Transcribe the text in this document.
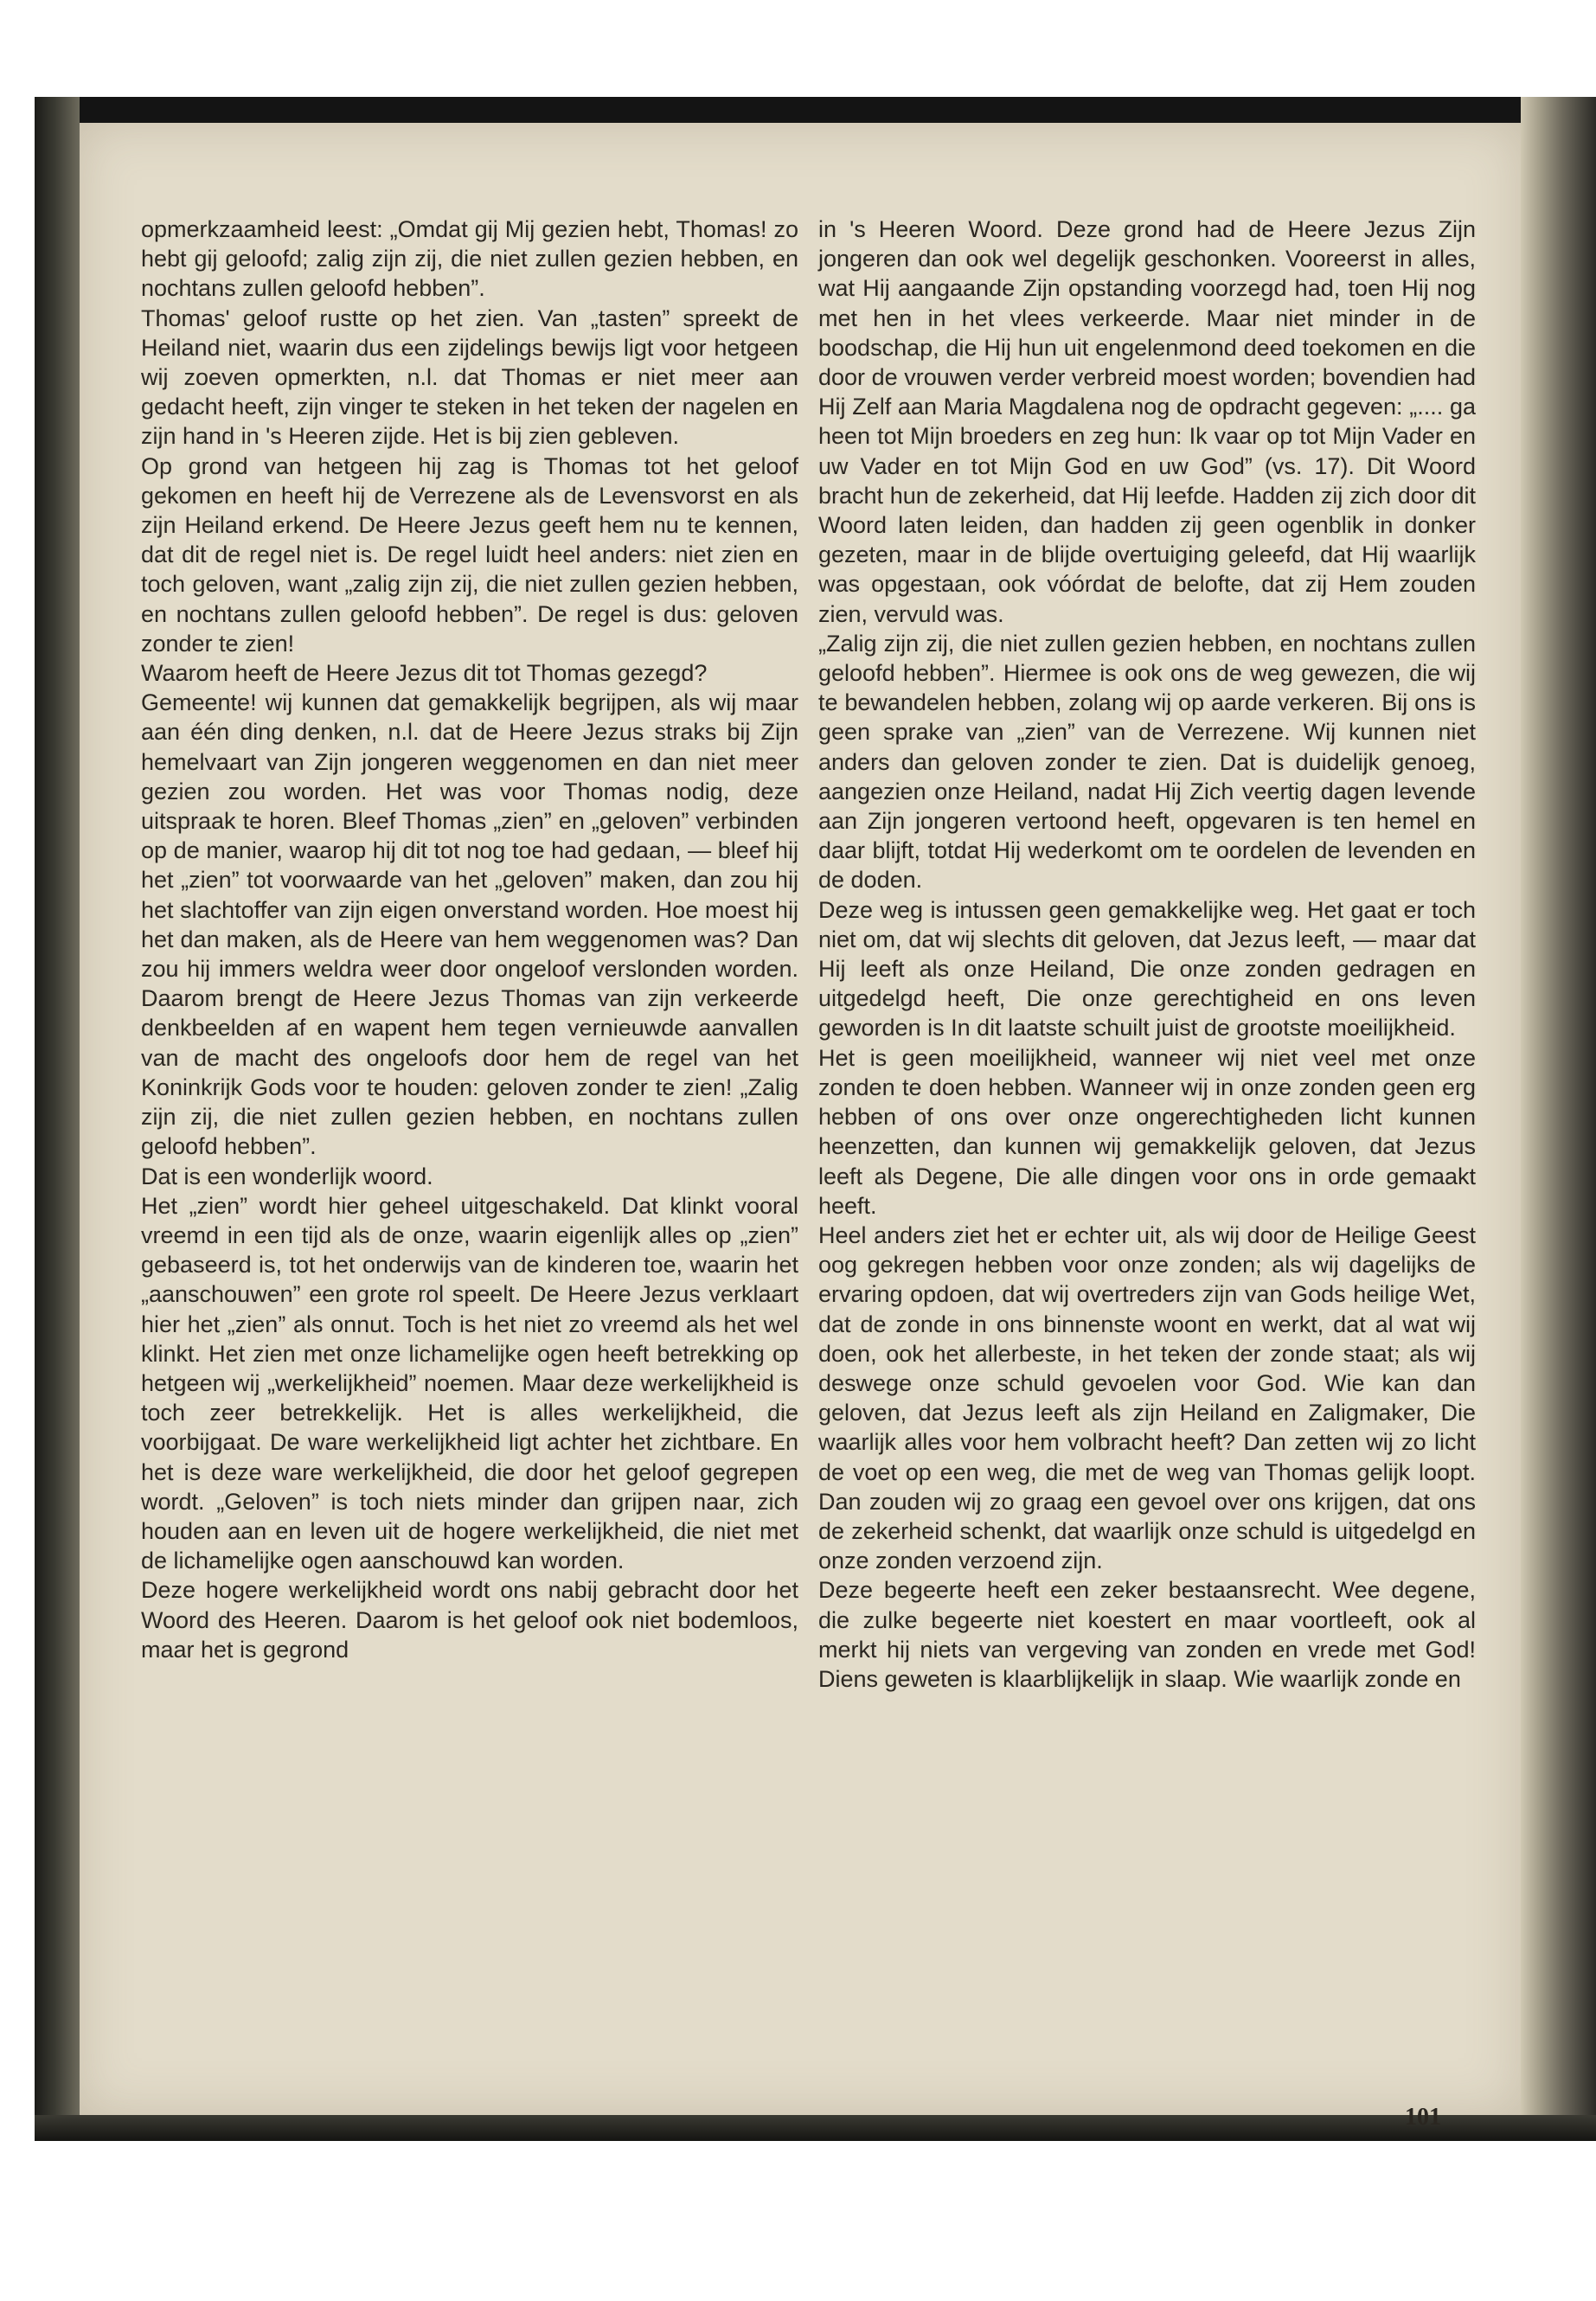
opmerkzaamheid leest: „Omdat gij Mij gezien hebt, Thomas! zo hebt gij geloofd; zalig zijn zij, die niet zullen gezien hebben, en nochtans zullen geloofd hebben”.

Thomas' geloof rustte op het zien. Van „tasten” spreekt de Heiland niet, waarin dus een zijdelings bewijs ligt voor hetgeen wij zoeven opmerkten, n.l. dat Thomas er niet meer aan gedacht heeft, zijn vinger te steken in het teken der nagelen en zijn hand in 's Heeren zijde. Het is bij zien gebleven.

Op grond van hetgeen hij zag is Thomas tot het geloof gekomen en heeft hij de Verrezene als de Levensvorst en als zijn Heiland erkend. De Heere Jezus geeft hem nu te kennen, dat dit de regel niet is. De regel luidt heel anders: niet zien en toch geloven, want „zalig zijn zij, die niet zullen gezien hebben, en nochtans zullen geloofd hebben”. De regel is dus: geloven zonder te zien!

Waarom heeft de Heere Jezus dit tot Thomas gezegd?

Gemeente! wij kunnen dat gemakkelijk begrijpen, als wij maar aan één ding denken, n.l. dat de Heere Jezus straks bij Zijn hemelvaart van Zijn jongeren weggenomen en dan niet meer gezien zou worden. Het was voor Thomas nodig, deze uitspraak te horen. Bleef Thomas „zien” en „geloven” verbinden op de manier, waarop hij dit tot nog toe had gedaan, — bleef hij het „zien” tot voorwaarde van het „geloven” maken, dan zou hij het slachtoffer van zijn eigen onverstand worden. Hoe moest hij het dan maken, als de Heere van hem weggenomen was? Dan zou hij immers weldra weer door ongeloof verslonden worden. Daarom brengt de Heere Jezus Thomas van zijn verkeerde denkbeelden af en wapent hem tegen vernieuwde aanvallen van de macht des ongeloofs door hem de regel van het Koninkrijk Gods voor te houden: geloven zonder te zien! „Zalig zijn zij, die niet zullen gezien hebben, en nochtans zullen geloofd hebben”.

Dat is een wonderlijk woord.

Het „zien” wordt hier geheel uitgeschakeld. Dat klinkt vooral vreemd in een tijd als de onze, waarin eigenlijk alles op „zien” gebaseerd is, tot het onderwijs van de kinderen toe, waarin het „aanschouwen” een grote rol speelt. De Heere Jezus verklaart hier het „zien” als onnut. Toch is het niet zo vreemd als het wel klinkt. Het zien met onze lichamelijke ogen heeft betrekking op hetgeen wij „werkelijkheid” noemen. Maar deze werkelijkheid is toch zeer betrekkelijk. Het is alles werkelijkheid, die voorbijgaat. De ware werkelijkheid ligt achter het zichtbare. En het is deze ware werkelijkheid, die door het geloof gegrepen wordt. „Geloven” is toch niets minder dan grijpen naar, zich houden aan en leven uit de hogere werkelijkheid, die niet met de lichamelijke ogen aanschouwd kan worden.

Deze hogere werkelijkheid wordt ons nabij gebracht door het Woord des Heeren. Daarom is het geloof ook niet bodemloos, maar het is gegrond

in 's Heeren Woord. Deze grond had de Heere Jezus Zijn jongeren dan ook wel degelijk geschonken. Vooreerst in alles, wat Hij aangaande Zijn opstanding voorzegd had, toen Hij nog met hen in het vlees verkeerde. Maar niet minder in de boodschap, die Hij hun uit engelenmond deed toekomen en die door de vrouwen verder verbreid moest worden; bovendien had Hij Zelf aan Maria Magdalena nog de opdracht gegeven: „.... ga heen tot Mijn broeders en zeg hun: Ik vaar op tot Mijn Vader en uw Vader en tot Mijn God en uw God” (vs. 17). Dit Woord bracht hun de zekerheid, dat Hij leefde. Hadden zij zich door dit Woord laten leiden, dan hadden zij geen ogenblik in donker gezeten, maar in de blijde overtuiging geleefd, dat Hij waarlijk was opgestaan, ook vóórdat de belofte, dat zij Hem zouden zien, vervuld was.

„Zalig zijn zij, die niet zullen gezien hebben, en nochtans zullen geloofd hebben”. Hiermee is ook ons de weg gewezen, die wij te bewandelen hebben, zolang wij op aarde verkeren. Bij ons is geen sprake van „zien” van de Verrezene. Wij kunnen niet anders dan geloven zonder te zien. Dat is duidelijk genoeg, aangezien onze Heiland, nadat Hij Zich veertig dagen levende aan Zijn jongeren vertoond heeft, opgevaren is ten hemel en daar blijft, totdat Hij wederkomt om te oordelen de levenden en de doden.

Deze weg is intussen geen gemakkelijke weg. Het gaat er toch niet om, dat wij slechts dit geloven, dat Jezus leeft, — maar dat Hij leeft als onze Heiland, Die onze zonden gedragen en uitgedelgd heeft, Die onze gerechtigheid en ons leven geworden is In dit laatste schuilt juist de grootste moeilijkheid.

Het is geen moeilijkheid, wanneer wij niet veel met onze zonden te doen hebben. Wanneer wij in onze zonden geen erg hebben of ons over onze ongerechtigheden licht kunnen heenzetten, dan kunnen wij gemakkelijk geloven, dat Jezus leeft als Degene, Die alle dingen voor ons in orde gemaakt heeft.

Heel anders ziet het er echter uit, als wij door de Heilige Geest oog gekregen hebben voor onze zonden; als wij dagelijks de ervaring opdoen, dat wij overtreders zijn van Gods heilige Wet, dat de zonde in ons binnenste woont en werkt, dat al wat wij doen, ook het allerbeste, in het teken der zonde staat; als wij deswege onze schuld gevoelen voor God. Wie kan dan geloven, dat Jezus leeft als zijn Heiland en Zaligmaker, Die waarlijk alles voor hem volbracht heeft? Dan zetten wij zo licht de voet op een weg, die met de weg van Thomas gelijk loopt. Dan zouden wij zo graag een gevoel over ons krijgen, dat ons de zekerheid schenkt, dat waarlijk onze schuld is uitgedelgd en onze zonden verzoend zijn.

Deze begeerte heeft een zeker bestaansrecht. Wee degene, die zulke begeerte niet koestert en maar voortleeft, ook al merkt hij niets van vergeving van zonden en vrede met God! Diens geweten is klaarblijkelijk in slaap. Wie waarlijk zonde en

101
